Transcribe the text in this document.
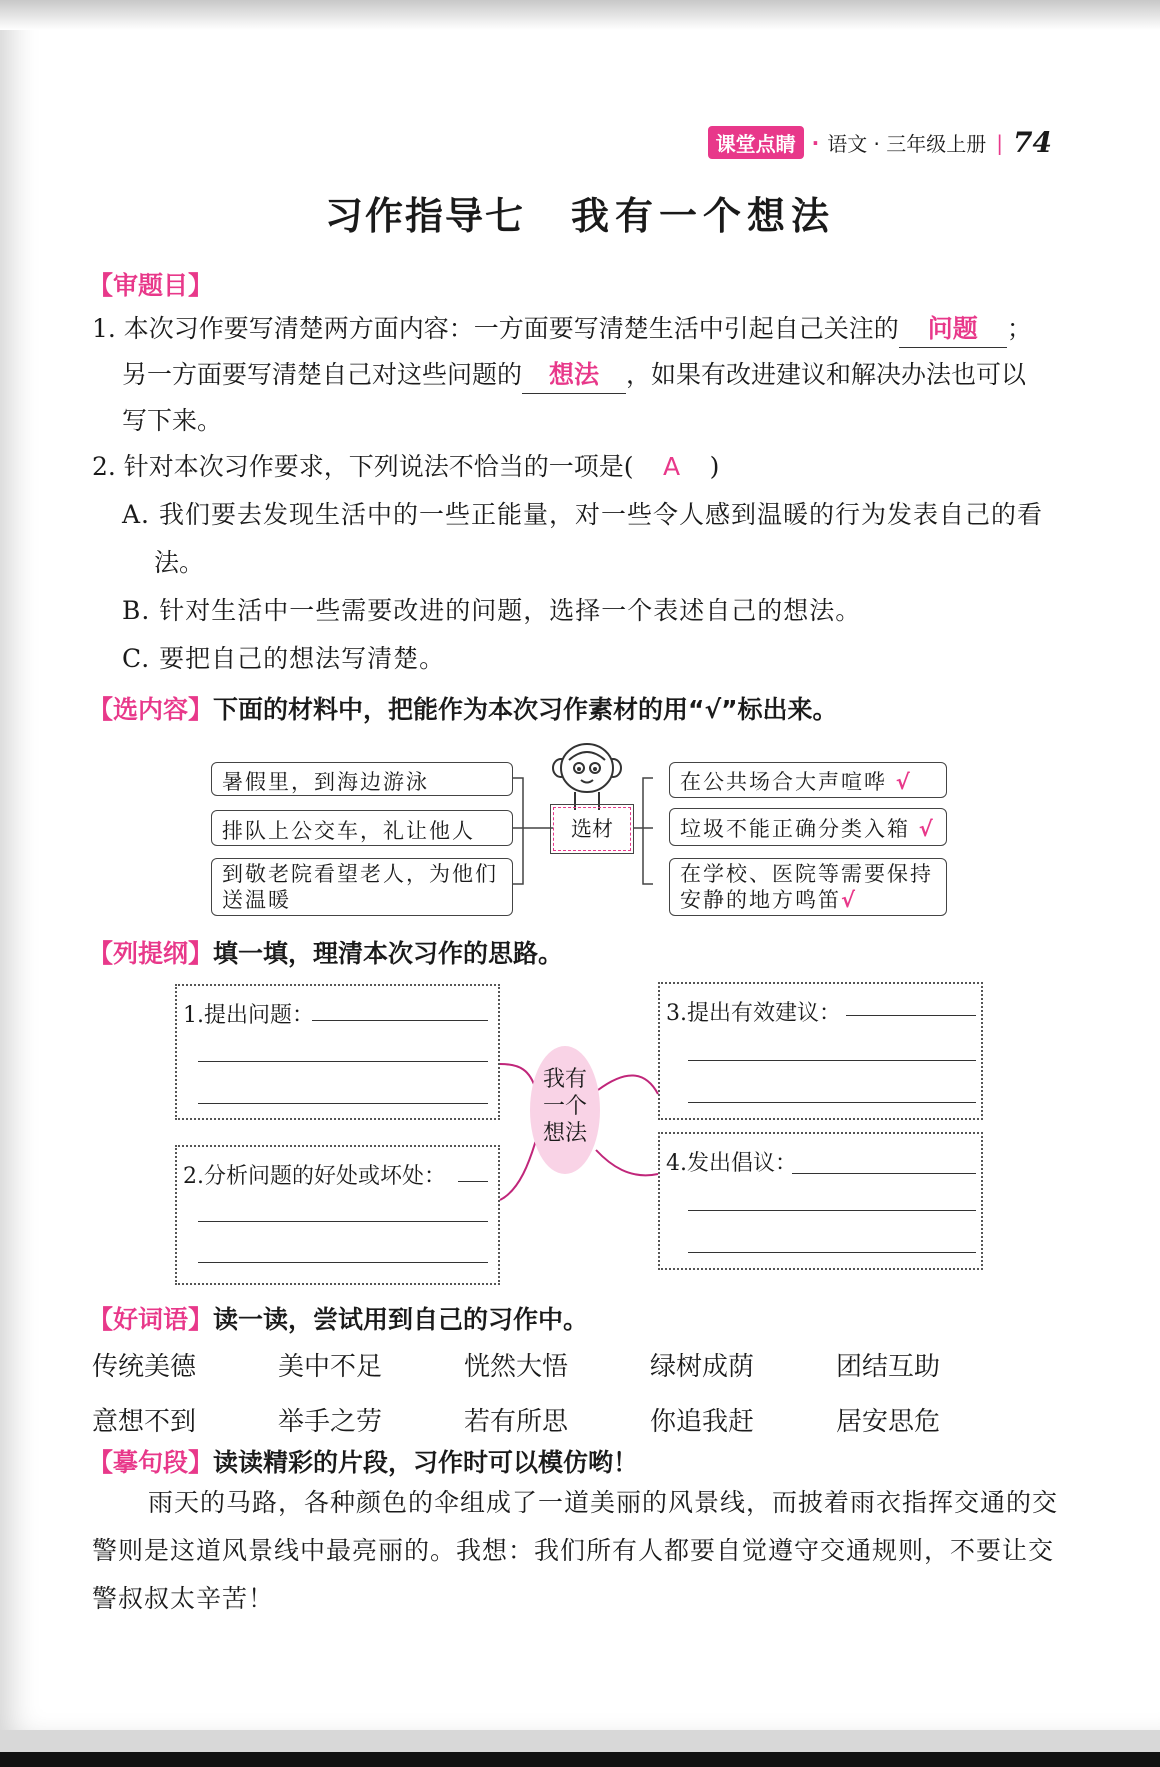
课堂点睛 · 语文 · 三年级上册 | 74
习作指导七 我有一个想法
【审题目】
1. 本次习作要写清楚两方面内容：一方面要写清楚生活中引起自己关注的 问题 ；
另一方面要写清楚自己对这些问题的 想法 ，如果有改进建议和解决办法也可以
写下来。
2. 针对本次习作要求，下列说法不恰当的一项是( A )
A. 我们要去发现生活中的一些正能量，对一些令人感到温暖的行为发表自己的看
法。
B. 针对生活中一些需要改进的问题，选择一个表述自己的想法。
C. 要把自己的想法写清楚。
【选内容】下面的材料中，把能作为本次习作素材的用“√”标出来。
暑假里，到海边游泳
排队上公交车，礼让他人
到敬老院看望老人，为他们送温暖
选材
在公共场合大声喧哗 √
垃圾不能正确分类入箱 √
在学校、医院等需要保持安静的地方鸣笛√
【列提纲】填一填，理清本次习作的思路。
1.提出问题：
2.分析问题的好处或坏处：
我有
一个
想法
3.提出有效建议：
4.发出倡议：
【好词语】读一读，尝试用到自己的习作中。
传统美德	美中不足	恍然大悟	绿树成荫	团结互助
意想不到	举手之劳	若有所思	你追我赶	居安思危
【摹句段】读读精彩的片段，习作时可以模仿哟！
雨天的马路，各种颜色的伞组成了一道美丽的风景线，而披着雨衣指挥交通的交
警则是这道风景线中最亮丽的。我想：我们所有人都要自觉遵守交通规则，不要让交
警叔叔太辛苦！
